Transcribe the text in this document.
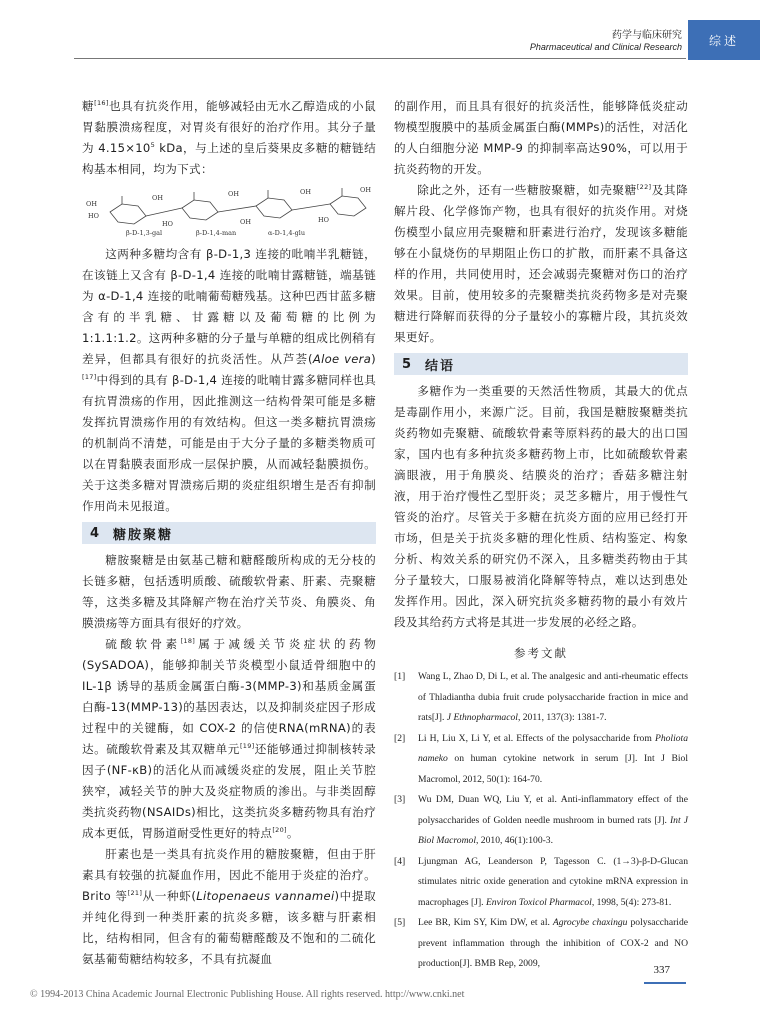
药学与临床研究
Pharmaceutical and Clinical Research	综述

糖[16]也具有抗炎作用，能够减轻由无水乙醇造成的小鼠胃黏膜溃疡程度，对胃炎有很好的治疗作用。其分子量为 $4.15\times 10^5$ kDa，与上述的皇后葵果皮多糖的糖链结构基本相同，均为下式：

OH
HO
OH	OH	OH	OH
HO	OH	HO
β-D-1,3-gal	β-D-1,4-man	α-D-1,4-glu

这两种多糖均含有 β-D-1,3 连接的吡喃半乳糖链，在该链上又含有 β-D-1,4 连接的吡喃甘露糖链，端基链为 α-D-1,4 连接的吡喃葡萄糖残基。这种巴西甘蓝多糖含有的半乳糖、甘露糖以及葡萄糖的比例为 1:1.1:1.2。这两种多糖的分子量与单糖的组成比例稍有差异，但都具有很好的抗炎活性。从芦荟(Aloe vera)[17]中得到的具有 β-D-1,4 连接的吡喃甘露多糖同样也具有抗胃溃疡的作用，因此推测这一结构骨架可能是多糖发挥抗胃溃疡作用的有效结构。但这一类多糖抗胃溃疡的机制尚不清楚，可能是由于大分子量的多糖类物质可以在胃黏膜表面形成一层保护膜，从而减轻黏膜损伤。关于这类多糖对胃溃疡后期的炎症组织增生是否有抑制作用尚未见报道。

4 糖胺聚糖

糖胺聚糖是由氨基己糖和糖醛酸所构成的无分枝的长链多糖，包括透明质酸、硫酸软骨素、肝素、壳聚糖等，这类多糖及其降解产物在治疗关节炎、角膜炎、角膜溃疡等方面具有很好的疗效。

硫酸软骨素[18]属于减缓关节炎症状的药物(SySADOA)，能够抑制关节炎模型小鼠适骨细胞中的 IL-1β 诱导的基质金属蛋白酶-3(MMP-3)和基质金属蛋白酶-13(MMP-13)的基因表达，以及抑制炎症因子形成过程中的关键酶，如 COX-2 的信使RNA(mRNA)的表达。硫酸软骨素及其双糖单元[19]还能够通过抑制核转录因子(NF-κB)的活化从而减缓炎症的发展，阻止关节腔狭窄，减轻关节的肿大及炎症物质的渗出。与非类固醇类抗炎药物(NSAIDs)相比，这类抗炎多糖药物具有治疗成本更低，胃肠道耐受性更好的特点[20]。

肝素也是一类具有抗炎作用的糖胺聚糖，但由于肝素具有较强的抗凝血作用，因此不能用于炎症的治疗。Brito 等[21]从一种虾(Litopenaeus vannamei)中提取并纯化得到一种类肝素的抗炎多糖，该多糖与肝素相比，结构相同，但含有的葡萄糖醛酸及不饱和的二硫化氨基葡萄糖结构较多，不具有抗凝血

的副作用，而且具有很好的抗炎活性，能够降低炎症动物模型腹膜中的基质金属蛋白酶(MMPs)的活性，对活化的人白细胞分泌 MMP-9 的抑制率高达90%，可以用于抗炎药物的开发。

除此之外，还有一些糖胺聚糖，如壳聚糖[22]及其降解片段、化学修饰产物，也具有很好的抗炎作用。对烧伤模型小鼠应用壳聚糖和肝素进行治疗，发现该多糖能够在小鼠烧伤的早期阻止伤口的扩散，而肝素不具备这样的作用，共同使用时，还会减弱壳聚糖对伤口的治疗效果。目前，使用较多的壳聚糖类抗炎药物多是对壳聚糖进行降解而获得的分子量较小的寡糖片段，其抗炎效果更好。

5 结语

多糖作为一类重要的天然活性物质，其最大的优点是毒副作用小，来源广泛。目前，我国是糖胺聚糖类抗炎药物如壳聚糖、硫酸软骨素等原料药的最大的出口国家，国内也有多种抗炎多糖药物上市，比如硫酸软骨素滴眼液，用于角膜炎、结膜炎的治疗；香菇多糖注射液，用于治疗慢性乙型肝炎；灵芝多糖片，用于慢性气管炎的治疗。尽管关于多糖在抗炎方面的应用已经打开市场，但是关于抗炎多糖的理化性质、结构鉴定、构象分析、构效关系的研究仍不深入，且多糖类药物由于其分子量较大，口服易被消化降解等特点，难以达到患处发挥作用。因此，深入研究抗炎多糖药物的最小有效片段及其给药方式将是其进一步发展的必经之路。

参考文献
[1]	Wang L, Zhao D, Di L, et al. The analgesic and anti-rheumatic effects of Thladiantha dubia fruit crude polysaccharide fraction in mice and rats[J]. J Ethnopharmacol, 2011, 137(3): 1381-7.
[2]	Li H, Liu X, Li Y, et al. Effects of the polysaccharide from Pholiota nameko on human cytokine network in serum [J]. Int J Biol Macromol, 2012, 50(1): 164-70.
[3]	Wu DM, Duan WQ, Liu Y, et al. Anti-inflammatory effect of the polysaccharides of Golden needle mushroom in burned rats [J]. Int J Biol Macromol, 2010, 46(1):100-3.
[4]	Ljungman AG, Leanderson P, Tagesson C. (1→3)-β-D-Glucan stimulates nitric oxide generation and cytokine mRNA expression in macrophages [J]. Environ Toxicol Pharmacol, 1998, 5(4): 273-81.
[5]	Lee BR, Kim SY, Kim DW, et al. Agrocybe chaxingu polysaccharide prevent inflammation through the inhibition of COX-2 and NO production[J]. BMB Rep, 2009,
337
© 1994-2013 China Academic Journal Electronic Publishing House. All rights reserved. http://www.cnki.net
